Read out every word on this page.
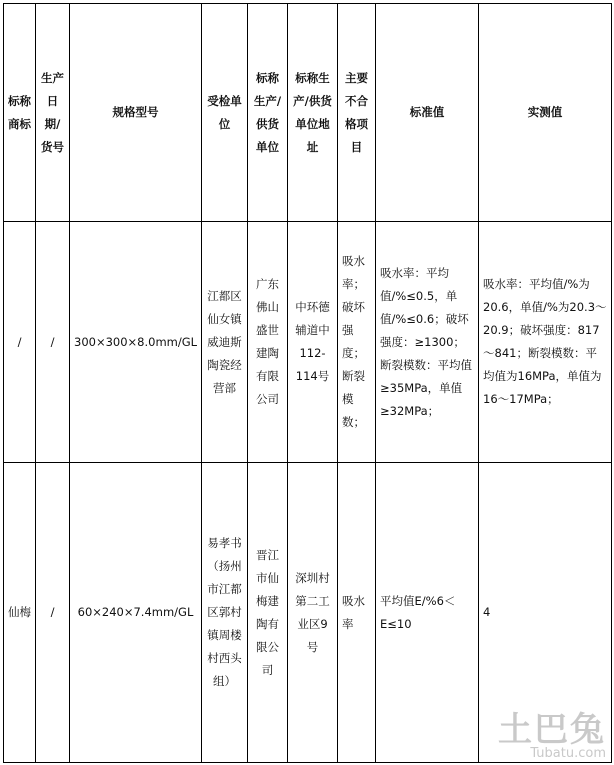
标称商标	生产日期/货号	规格型号	受检单位	标称生产/供货单位	标称生产/供货单位地址	主要不合格项目	标准值	实测值

/	/	300×300×8.0mm/GL	江都区仙女镇威迪斯陶瓷经营部	广东佛山盛世建陶有限公司	中环德辅道中112-114号	吸水率；破坏强度；断裂模数；	吸水率：平均值/%≤0.5，单值/%≤0.6；破坏强度：≥1300；断裂模数：平均值≥35MPa，单值≥32MPa；	吸水率：平均值/%为20.6，单值/%为20.3～20.9；破坏强度：817～841；断裂模数：平均值为16MPa，单值为16～17MPa；

仙梅	/	60×240×7.4mm/GL	易孝书（扬州市江都区郭村镇周楼村西头组）	晋江市仙梅建陶有限公司	深圳村第二工业区9号	吸水率	平均值E/%6＜E≤10	4
土巴兔
Tubatu.com
